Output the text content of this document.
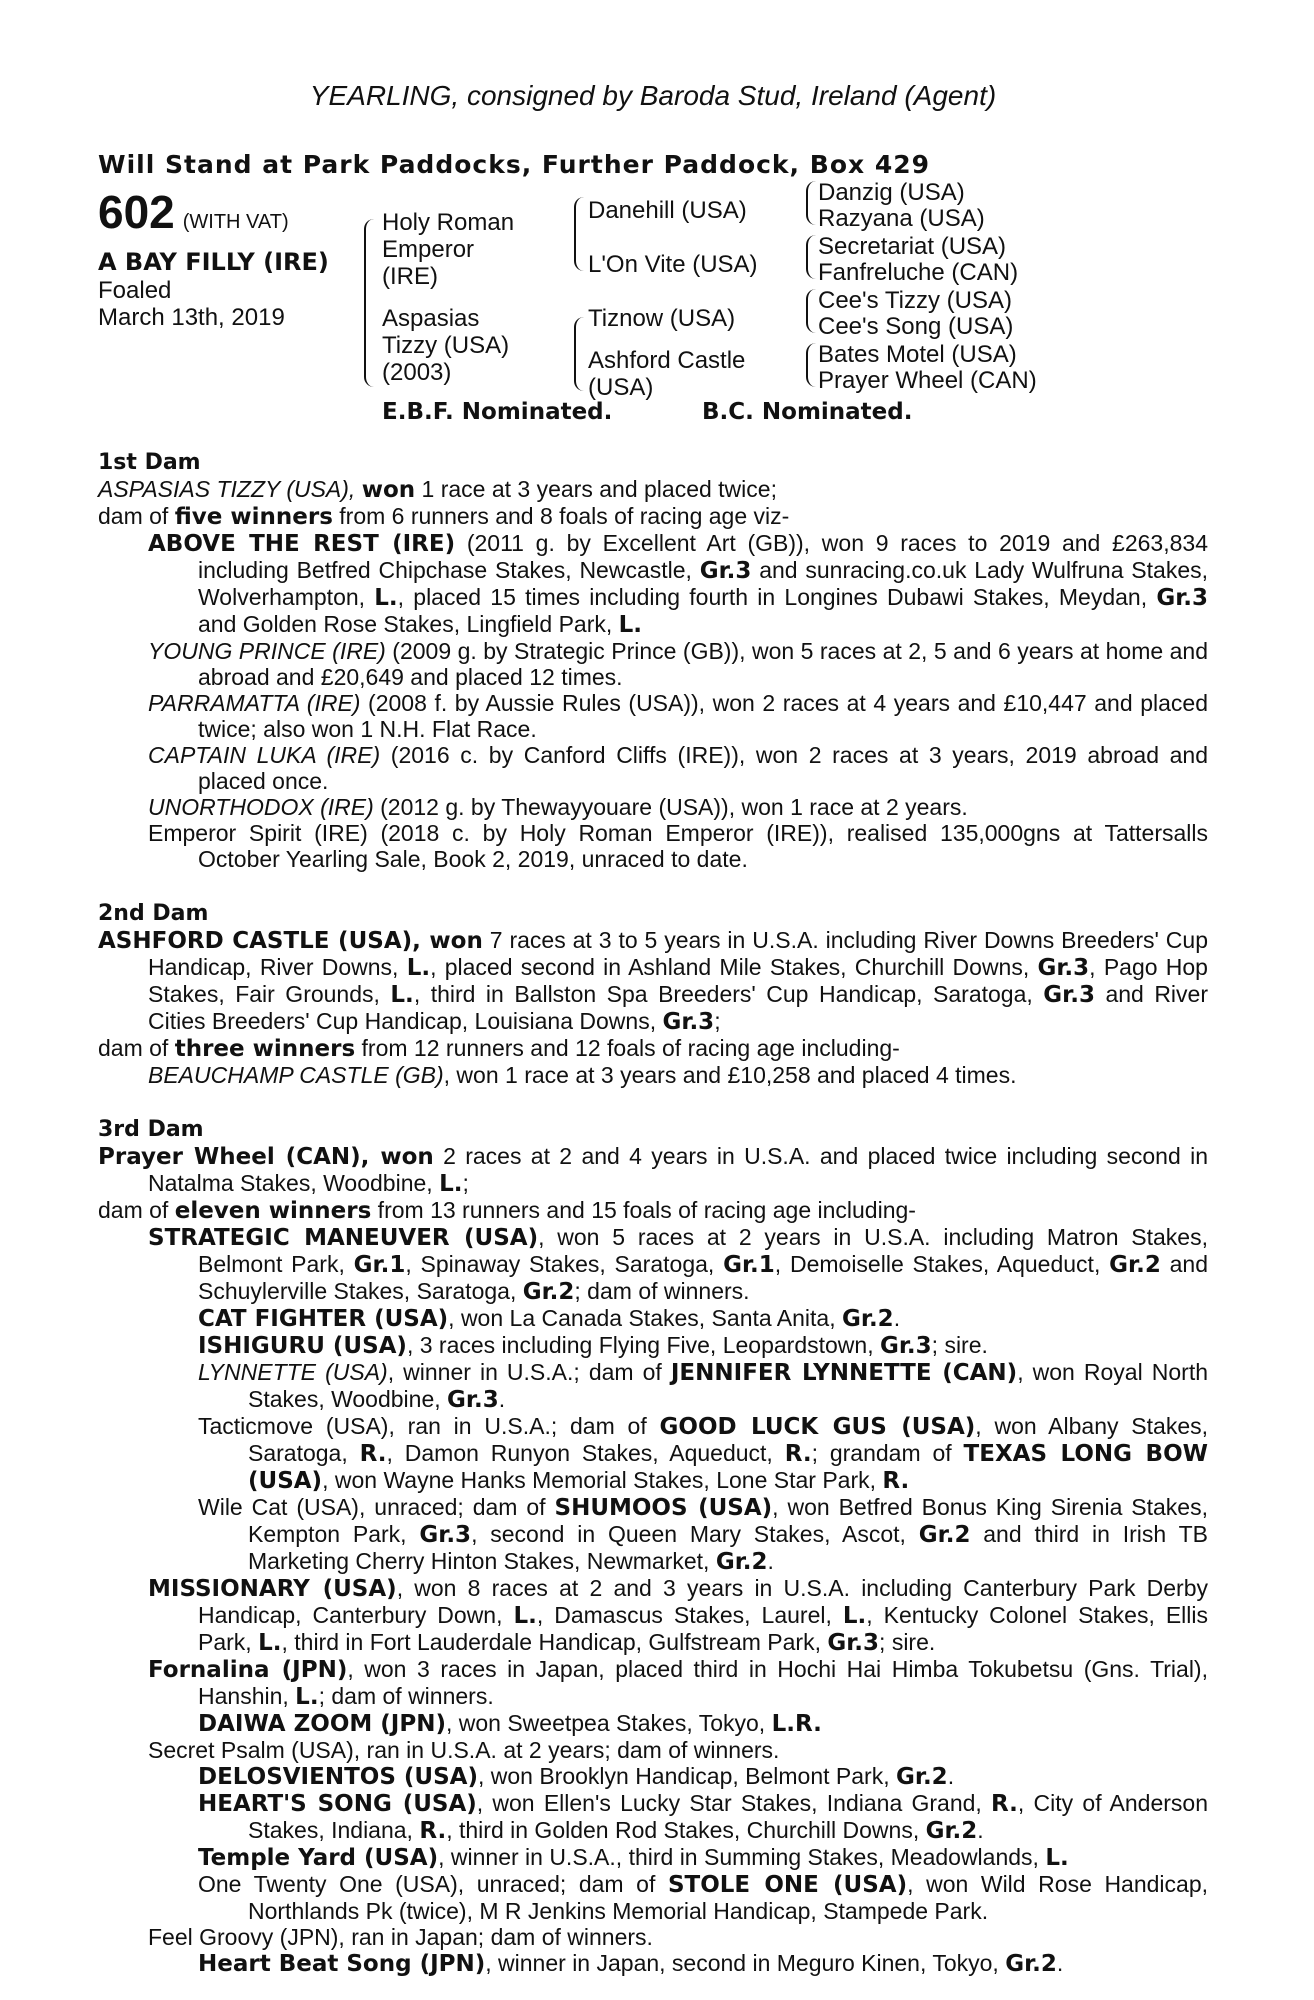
YEARLING, consigned by Baroda Stud, Ireland (Agent)
Will Stand at Park Paddocks, Further Paddock, Box 429
602 (WITH VAT)
A BAY FILLY (IRE)
Foaled
March 13th, 2019
Holy Roman Emperor (IRE)
Aspasias Tizzy (USA) (2003)
Danehill (USA)
L'On Vite (USA)
Tiznow (USA)
Ashford Castle (USA)
Danzig (USA)
Razyana (USA)
Secretariat (USA)
Fanfreluche (CAN)
Cee's Tizzy (USA)
Cee's Song (USA)
Bates Motel (USA)
Prayer Wheel (CAN)
E.B.F. Nominated.	B.C. Nominated.
1st Dam

ASPASIAS TIZZY (USA), won 1 race at 3 years and placed twice;

dam of five winners from 6 runners and 8 foals of racing age viz-

ABOVE THE REST (IRE) (2011 g. by Excellent Art (GB)), won 9 races to 2019 and £263,834 including Betfred Chipchase Stakes, Newcastle, Gr.3 and sunracing.co.uk Lady Wulfruna Stakes, Wolverhampton, L., placed 15 times including fourth in Longines Dubawi Stakes, Meydan, Gr.3 and Golden Rose Stakes, Lingfield Park, L.

YOUNG PRINCE (IRE) (2009 g. by Strategic Prince (GB)), won 5 races at 2, 5 and 6 years at home and abroad and £20,649 and placed 12 times.

PARRAMATTA (IRE) (2008 f. by Aussie Rules (USA)), won 2 races at 4 years and £10,447 and placed twice; also won 1 N.H. Flat Race.

CAPTAIN LUKA (IRE) (2016 c. by Canford Cliffs (IRE)), won 2 races at 3 years, 2019 abroad and placed once.

UNORTHODOX (IRE) (2012 g. by Thewayyouare (USA)), won 1 race at 2 years.

Emperor Spirit (IRE) (2018 c. by Holy Roman Emperor (IRE)), realised 135,000gns at Tattersalls October Yearling Sale, Book 2, 2019, unraced to date.

2nd Dam

ASHFORD CASTLE (USA), won 7 races at 3 to 5 years in U.S.A. including River Downs Breeders' Cup Handicap, River Downs, L., placed second in Ashland Mile Stakes, Churchill Downs, Gr.3, Pago Hop Stakes, Fair Grounds, L., third in Ballston Spa Breeders' Cup Handicap, Saratoga, Gr.3 and River Cities Breeders' Cup Handicap, Louisiana Downs, Gr.3;

dam of three winners from 12 runners and 12 foals of racing age including-

BEAUCHAMP CASTLE (GB), won 1 race at 3 years and £10,258 and placed 4 times.

3rd Dam

Prayer Wheel (CAN), won 2 races at 2 and 4 years in U.S.A. and placed twice including second in Natalma Stakes, Woodbine, L.;

dam of eleven winners from 13 runners and 15 foals of racing age including-

STRATEGIC MANEUVER (USA), won 5 races at 2 years in U.S.A. including Matron Stakes, Belmont Park, Gr.1, Spinaway Stakes, Saratoga, Gr.1, Demoiselle Stakes, Aqueduct, Gr.2 and Schuylerville Stakes, Saratoga, Gr.2; dam of winners.

CAT FIGHTER (USA), won La Canada Stakes, Santa Anita, Gr.2.

ISHIGURU (USA), 3 races including Flying Five, Leopardstown, Gr.3; sire.

LYNNETTE (USA), winner in U.S.A.; dam of JENNIFER LYNNETTE (CAN), won Royal North Stakes, Woodbine, Gr.3.

Tacticmove (USA), ran in U.S.A.; dam of GOOD LUCK GUS (USA), won Albany Stakes, Saratoga, R., Damon Runyon Stakes, Aqueduct, R.; grandam of TEXAS LONG BOW (USA), won Wayne Hanks Memorial Stakes, Lone Star Park, R.

Wile Cat (USA), unraced; dam of SHUMOOS (USA), won Betfred Bonus King Sirenia Stakes, Kempton Park, Gr.3, second in Queen Mary Stakes, Ascot, Gr.2 and third in Irish TB Marketing Cherry Hinton Stakes, Newmarket, Gr.2.

MISSIONARY (USA), won 8 races at 2 and 3 years in U.S.A. including Canterbury Park Derby Handicap, Canterbury Down, L., Damascus Stakes, Laurel, L., Kentucky Colonel Stakes, Ellis Park, L., third in Fort Lauderdale Handicap, Gulfstream Park, Gr.3; sire.

Fornalina (JPN), won 3 races in Japan, placed third in Hochi Hai Himba Tokubetsu (Gns. Trial), Hanshin, L.; dam of winners.

DAIWA ZOOM (JPN), won Sweetpea Stakes, Tokyo, L.R.

Secret Psalm (USA), ran in U.S.A. at 2 years; dam of winners.

DELOSVIENTOS (USA), won Brooklyn Handicap, Belmont Park, Gr.2.

HEART'S SONG (USA), won Ellen's Lucky Star Stakes, Indiana Grand, R., City of Anderson Stakes, Indiana, R., third in Golden Rod Stakes, Churchill Downs, Gr.2.

Temple Yard (USA), winner in U.S.A., third in Summing Stakes, Meadowlands, L.

One Twenty One (USA), unraced; dam of STOLE ONE (USA), won Wild Rose Handicap, Northlands Pk (twice), M R Jenkins Memorial Handicap, Stampede Park.

Feel Groovy (JPN), ran in Japan; dam of winners.

Heart Beat Song (JPN), winner in Japan, second in Meguro Kinen, Tokyo, Gr.2.
